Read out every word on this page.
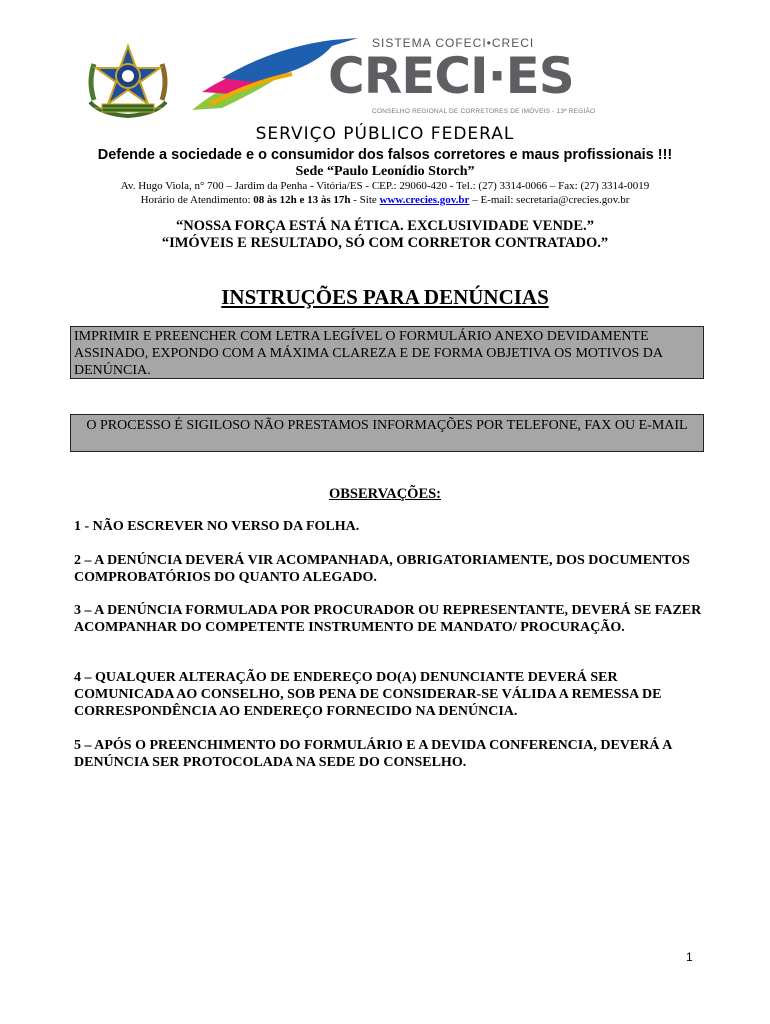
SISTEMA COFECI•CRECI
CRECI·ES
CONSELHO REGIONAL DE CORRETORES DE IMÓVEIS - 13ª REGIÃO
SERVIÇO PÚBLICO FEDERAL
Defende a sociedade e o consumidor dos falsos corretores e maus profissionais !!!
Sede “Paulo Leonídio Storch”
Av. Hugo Viola, n° 700 – Jardim da Penha - Vitória/ES - CEP.: 29060-420 - Tel.: (27) 3314-0066 – Fax: (27) 3314-0019
Horário de Atendimento: 08 às 12h e 13 às 17h - Site www.crecies.gov.br – E-mail: secretaria@crecies.gov.br
“NOSSA FORÇA ESTÁ NA ÉTICA. EXCLUSIVIDADE VENDE.”
“IMÓVEIS E RESULTADO, SÓ COM CORRETOR CONTRATADO.”
INSTRUÇÕES PARA DENÚNCIAS
IMPRIMIR E PREENCHER COM LETRA LEGÍVEL O FORMULÁRIO ANEXO DEVIDAMENTE ASSINADO, EXPONDO COM A MÁXIMA CLAREZA E DE FORMA OBJETIVA OS MOTIVOS DA DENÚNCIA.
O PROCESSO É SIGILOSO NÃO PRESTAMOS INFORMAÇÕES POR TELEFONE, FAX OU E-MAIL
OBSERVAÇÕES:
1 - NÃO ESCREVER NO VERSO DA FOLHA.
2 – A DENÚNCIA DEVERÁ VIR ACOMPANHADA, OBRIGATORIAMENTE, DOS DOCUMENTOS COMPROBATÓRIOS DO QUANTO ALEGADO.
3 – A DENÚNCIA FORMULADA POR PROCURADOR OU REPRESENTANTE, DEVERÁ SE FAZER ACOMPANHAR DO COMPETENTE INSTRUMENTO DE MANDATO/ PROCURAÇÃO.
4 – QUALQUER ALTERAÇÃO DE ENDEREÇO DO(A) DENUNCIANTE DEVERÁ SER COMUNICADA AO CONSELHO, SOB PENA DE CONSIDERAR-SE VÁLIDA A REMESSA DE CORRESPONDÊNCIA AO ENDEREÇO FORNECIDO NA DENÚNCIA.
5 – APÓS O PREENCHIMENTO DO FORMULÁRIO E A DEVIDA CONFERENCIA, DEVERÁ A DENÚNCIA SER PROTOCOLADA NA SEDE DO CONSELHO.
1
